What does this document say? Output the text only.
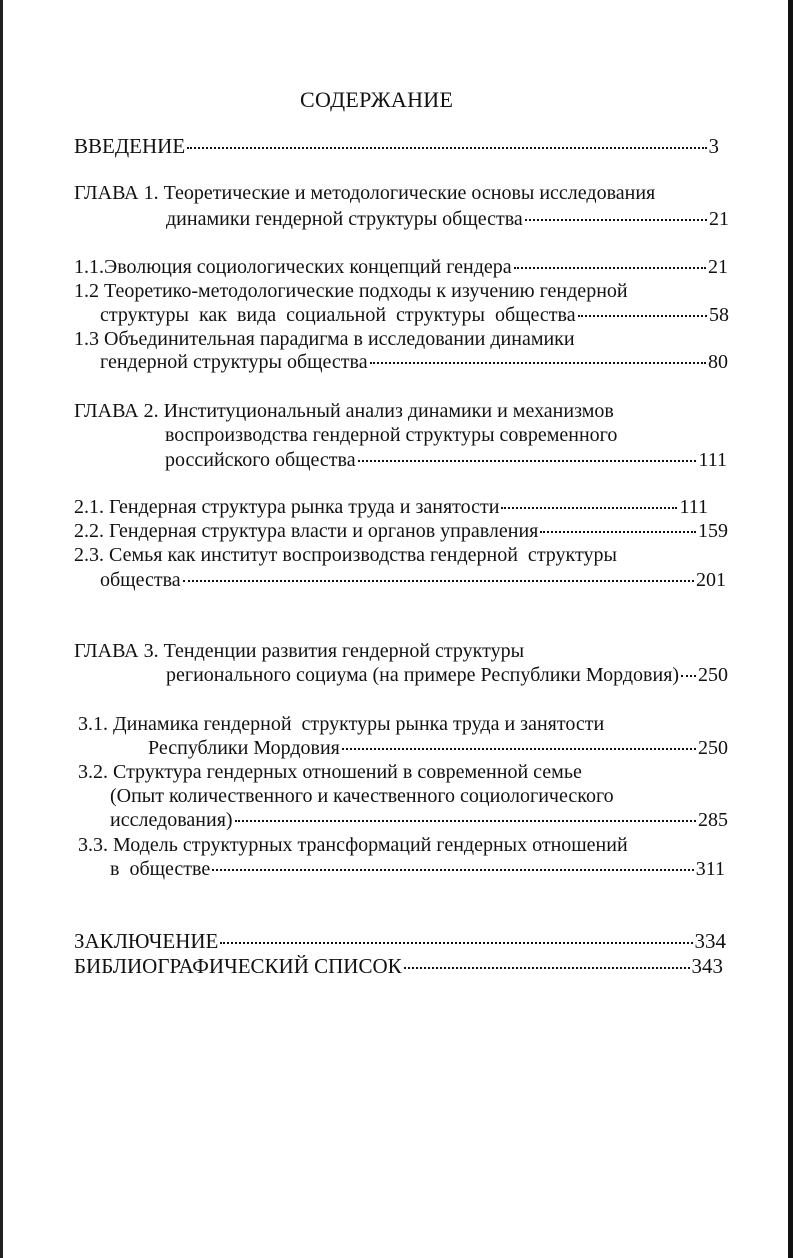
СОДЕРЖАНИЕ
ВВЕДЕНИЕ	3
ГЛАВА 1. Теоретические и методологические основы исследования
динамики гендерной структуры общества	21
1.1.Эволюция социологических концепций гендера	21
1.2 Теоретико-методологические подходы к изучению гендерной
структуры  как  вида  социальной  структуры  общества	58
1.3 Объединительная парадигма в исследовании динамики
гендерной структуры общества	80
ГЛАВА 2. Институциональный анализ динамики и механизмов
воспроизводства гендерной структуры современного
российского общества	111
2.1. Гендерная структура рынка труда и занятости	111
2.2. Гендерная структура власти и органов управления	159
2.3. Семья как институт воспроизводства гендерной  структуры
общества	201
ГЛАВА 3. Тенденции развития гендерной структуры
регионального социума (на примере Республики Мордовия) 250
3.1. Динамика гендерной  структуры рынка труда и занятости
Республики Мордовия	250
3.2. Структура гендерных отношений в современной семье
(Опыт количественного и качественного социологического
исследования)	285
3.3. Модель структурных трансформаций гендерных отношений
в  обществе	311
ЗАКЛЮЧЕНИЕ	334
БИБЛИОГРАФИЧЕСКИЙ СПИСОК	343
